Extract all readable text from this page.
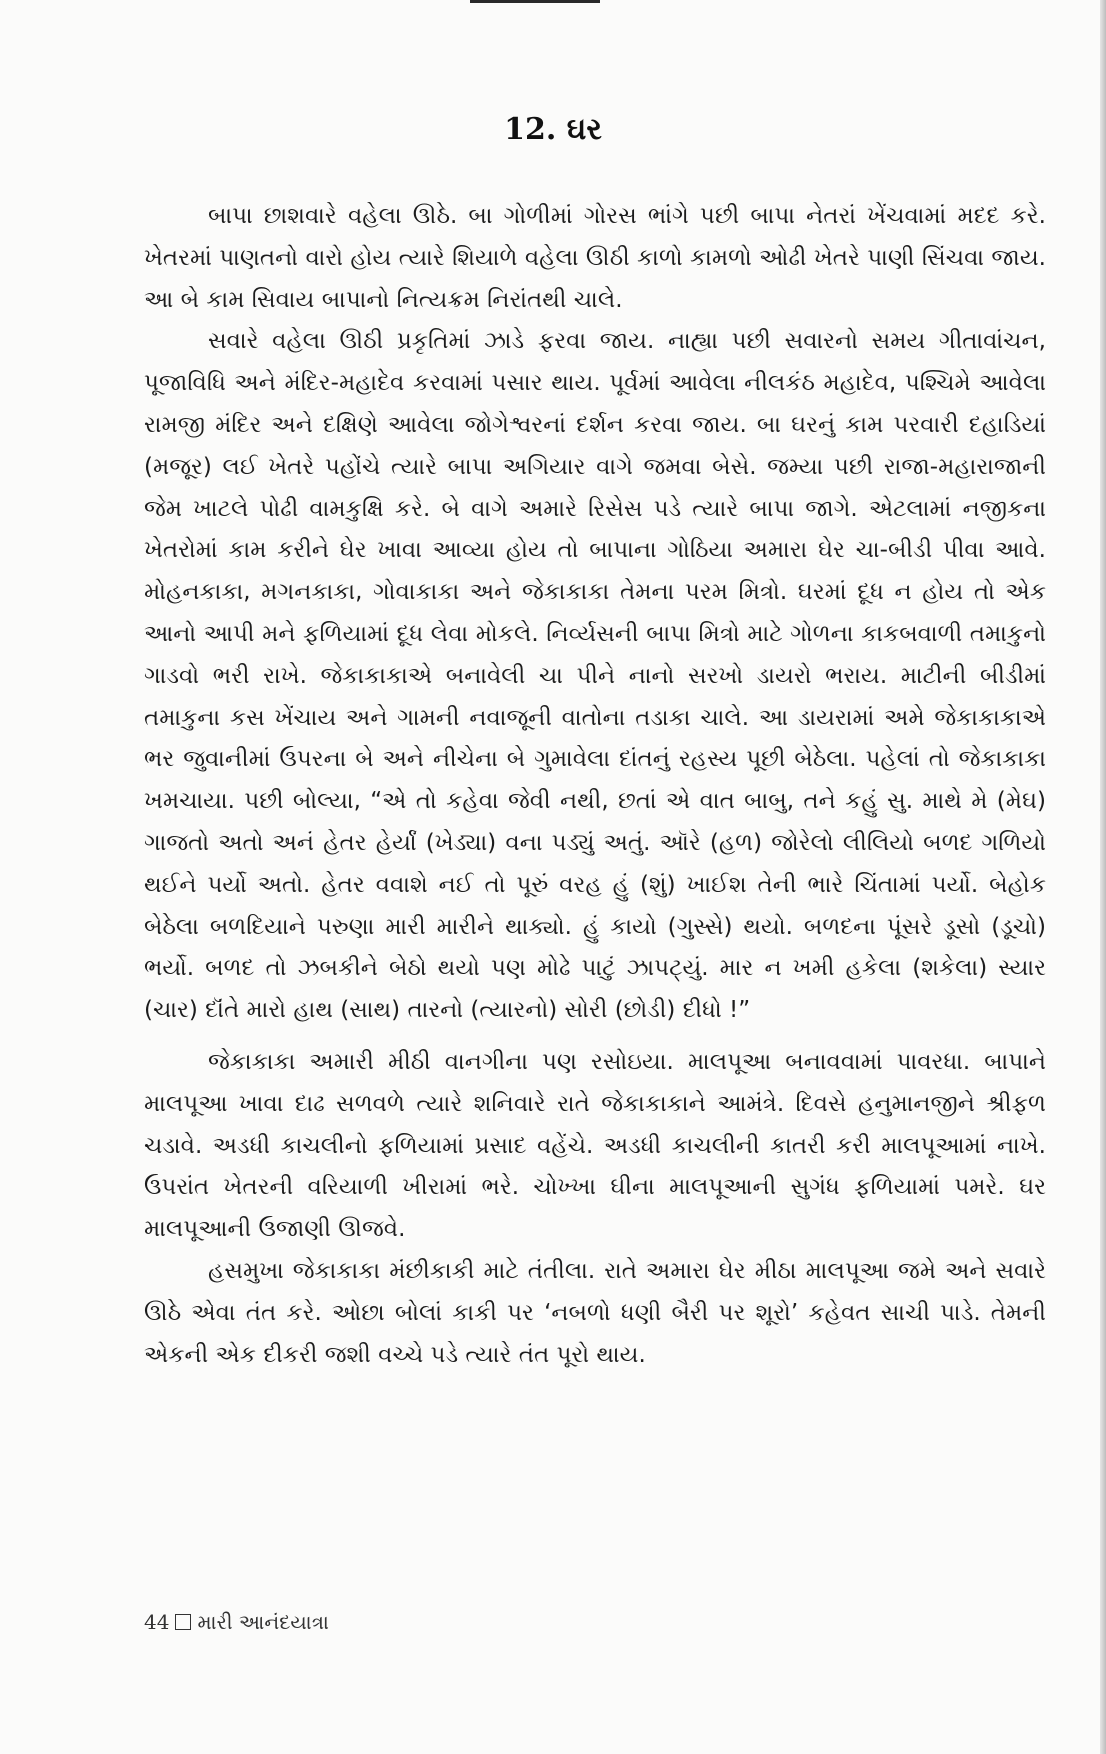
12. ઘર

બાપા છાશવારે વહેલા ઊઠે. બા ગોળીમાં ગોરસ ભાંગે પછી બાપા નેતરાં ખેંચવામાં મદદ કરે. ખેતરમાં પાણતનો વારો હોય ત્યારે શિયાળે વહેલા ઊઠી કાળો કામળો ઓઢી ખેતરે પાણી સિંચવા જાય. આ બે કામ સિવાય બાપાનો નિત્યક્રમ નિરાંતથી ચાલે.

સવારે વહેલા ઊઠી પ્રકૃતિમાં ઝાડે ફરવા જાય. નાહ્યા પછી સવારનો સમય ગીતાવાંચન, પૂજાવિધિ અને મંદિર-મહાદેવ કરવામાં પસાર થાય. પૂર્વમાં આવેલા નીલકંઠ મહાદેવ, પશ્ચિમે આવેલા રામજી મંદિર અને દક્ષિણે આવેલા જોગેશ્વરનાં દર્શન કરવા જાય. બા ઘરનું કામ પરવારી દહાડિયાં (મજૂર) લઈ ખેતરે પહોંચે ત્યારે બાપા અગિયાર વાગે જમવા બેસે. જમ્યા પછી રાજા-મહારાજાની જેમ ખાટલે પોઢી વામકુક્ષિ કરે. બે વાગે અમારે રિસેસ પડે ત્યારે બાપા જાગે. એટલામાં નજીકના ખેતરોમાં કામ કરીને ઘેર ખાવા આવ્યા હોય તો બાપાના ગોઠિયા અમારા ઘેર ચા-બીડી પીવા આવે. મોહનકાકા, મગનકાકા, ગોવાકાકા અને જેકાકાકા તેમના પરમ મિત્રો. ઘરમાં દૂધ ન હોય તો એક આનો આપી મને ફળિયામાં દૂધ લેવા મોકલે. નિર્વ્યસની બાપા મિત્રો માટે ગોળના કાકબવાળી તમાકુનો ગાડવો ભરી રાખે. જેકાકાકાએ બનાવેલી ચા પીને નાનો સરખો ડાયરો ભરાય. માટીની બીડીમાં તમાકુના કસ ખેંચાય અને ગામની નવાજૂની વાતોના તડાકા ચાલે. આ ડાયરામાં અમે જેકાકાકાએ ભર જુવાનીમાં ઉપરના બે અને નીચેના બે ગુમાવેલા દાંતનું રહસ્ય પૂછી બેઠેલા. પહેલાં તો જેકાકાકા ખમચાયા. પછી બોલ્યા, “એ તો કહેવા જેવી નથી, છતાં એ વાત બાબુ, તને કહું સુ. માથે મે (મેઘ) ગાજતો અતો અનં હેતર હેર્યાં (ખેડ્યા) વના પડ્યું અતું. ઑરે (હળ) જોરેલો લીલિયો બળદ ગળિયો થઈને પર્યો અતો. હેતર વવાશે નઈ તો પૂરું વરહ હું (શું) ખાઈશ તેની ભારે ચિંતામાં પર્યો. બેહોક બેઠેલા બળદિયાને પરુણા મારી મારીને થાક્યો. હું કાયો (ગુસ્સે) થયો. બળદના પૂંસરે ડૂસો (ડૂચો) ભર્યો. બળદ તો ઝબકીને બેઠો થયો પણ મોઢે પાટું ઝાપટ્યું. માર ન ખમી હકેલા (શકેલા) સ્યાર (ચાર) દૉંતે મારો હાથ (સાથ) તારનો (ત્યારનો) સોરી (છોડી) દીધો !”

જેકાકાકા અમારી મીઠી વાનગીના પણ રસોઇયા. માલપૂઆ બનાવવામાં પાવરધા. બાપાને માલપૂઆ ખાવા દાઢ સળવળે ત્યારે શનિવારે રાતે જેકાકાકાને આમંત્રે. દિવસે હનુમાનજીને શ્રીફળ ચડાવે. અડધી કાચલીનો ફળિયામાં પ્રસાદ વહેંચે. અડધી કાચલીની કાતરી કરી માલપૂઆમાં નાખે. ઉપરાંત ખેતરની વરિયાળી ખીરામાં ભરે. ચોખ્ખા ઘીના માલપૂઆની સુગંધ ફળિયામાં પમરે. ઘર માલપૂઆની ઉજાણી ઊજવે.

હસમુખા જેકાકાકા મંછીકાકી માટે તંતીલા. રાતે અમારા ઘેર મીઠા માલપૂઆ જમે અને સવારે ઊઠે એવા તંત કરે. ઓછા બોલાં કાકી પર ‘નબળો ધણી બૈરી પર શૂરો’ કહેવત સાચી પાડે. તેમની એકની એક દીકરી જશી વચ્ચે પડે ત્યારે તંત પૂરો થાય.

44 મારી આનંદયાત્રા
